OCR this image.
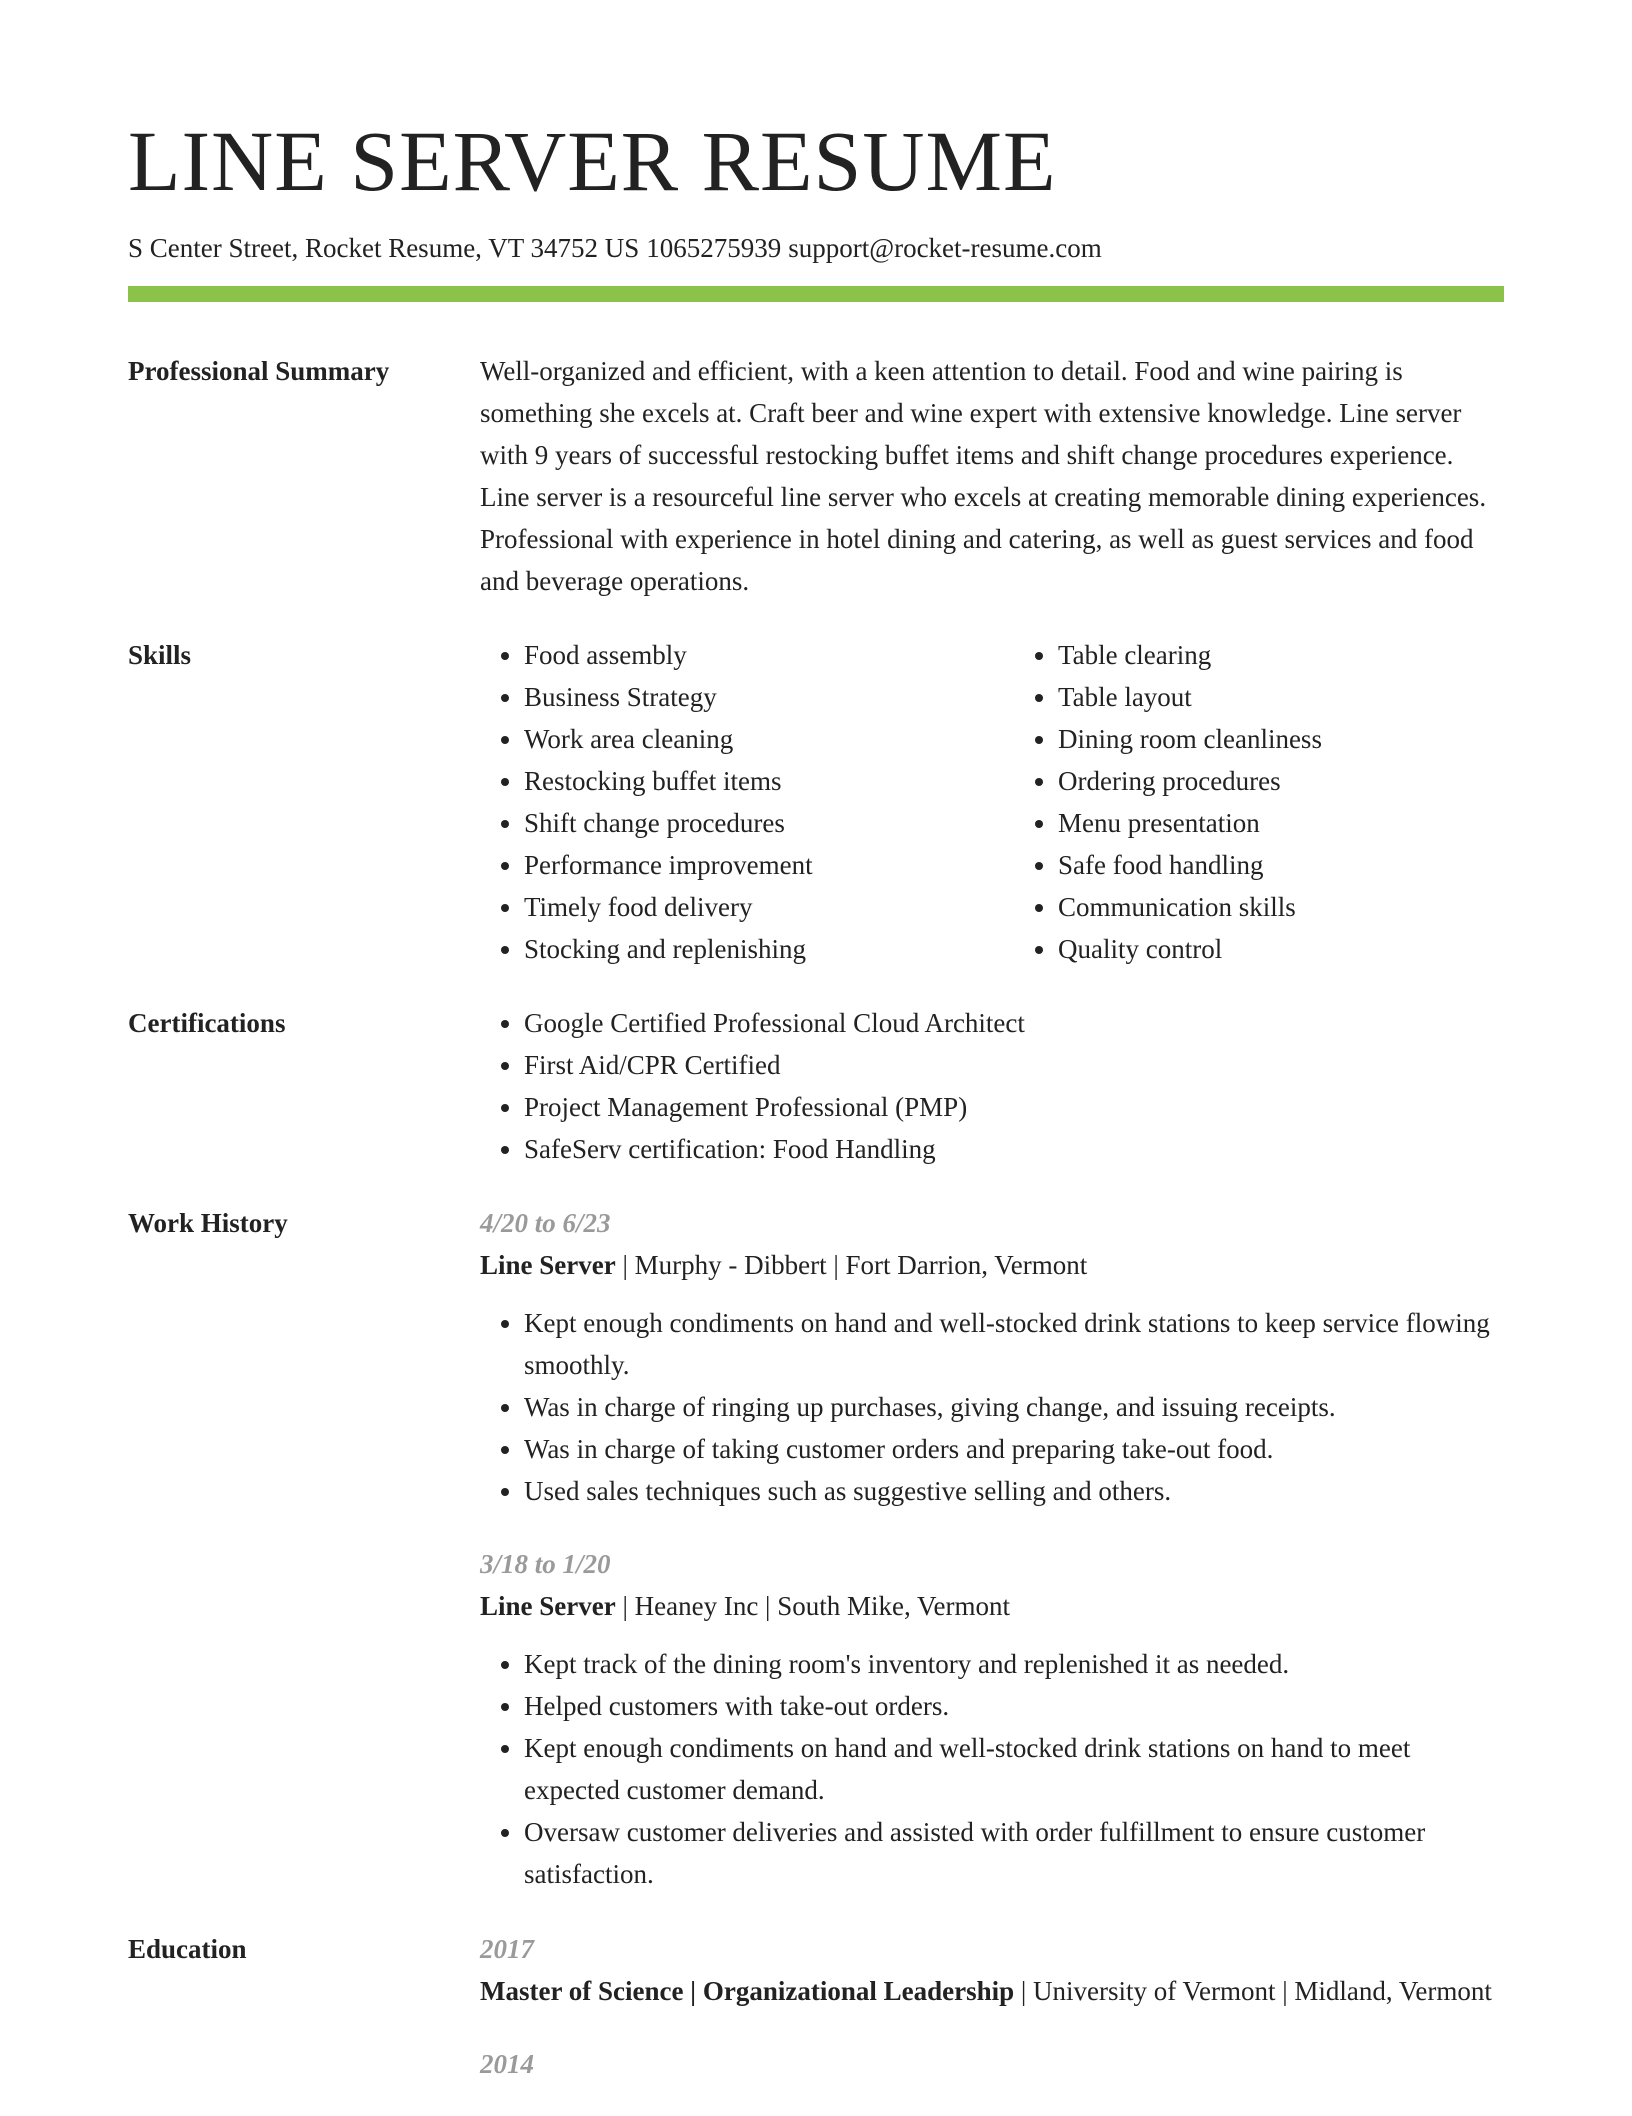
LINE SERVER RESUME
S Center Street, Rocket Resume, VT 34752 US 1065275939 support@rocket-resume.com
Professional Summary	Well-organized and efficient, with a keen attention to detail. Food and wine pairing is something she excels at. Craft beer and wine expert with extensive knowledge. Line server with 9 years of successful restocking buffet items and shift change procedures experience. Line server is a resourceful line server who excels at creating memorable dining experiences. Professional with experience in hotel dining and catering, as well as guest services and food and beverage operations.

Skills	• Food assembly
• Business Strategy
• Work area cleaning
• Restocking buffet items
• Shift change procedures
• Performance improvement
• Timely food delivery
• Stocking and replenishing
• Table clearing
• Table layout
• Dining room cleanliness
• Ordering procedures
• Menu presentation
• Safe food handling
• Communication skills
• Quality control
Certifications	• Google Certified Professional Cloud Architect
• First Aid/CPR Certified
• Project Management Professional (PMP)
• SafeServ certification: Food Handling
Work History	4/20 to 6/23
Line Server | Murphy - Dibbert | Fort Darrion, Vermont
• Kept enough condiments on hand and well-stocked drink stations to keep service flowing smoothly.
• Was in charge of ringing up purchases, giving change, and issuing receipts.
• Was in charge of taking customer orders and preparing take-out food.
• Used sales techniques such as suggestive selling and others.
3/18 to 1/20
Line Server | Heaney Inc | South Mike, Vermont
• Kept track of the dining room's inventory and replenished it as needed.
• Helped customers with take-out orders.
• Kept enough condiments on hand and well-stocked drink stations on hand to meet expected customer demand.
• Oversaw customer deliveries and assisted with order fulfillment to ensure customer satisfaction.
Education	2017
Master of Science | Organizational Leadership | University of Vermont | Midland, Vermont
2014
